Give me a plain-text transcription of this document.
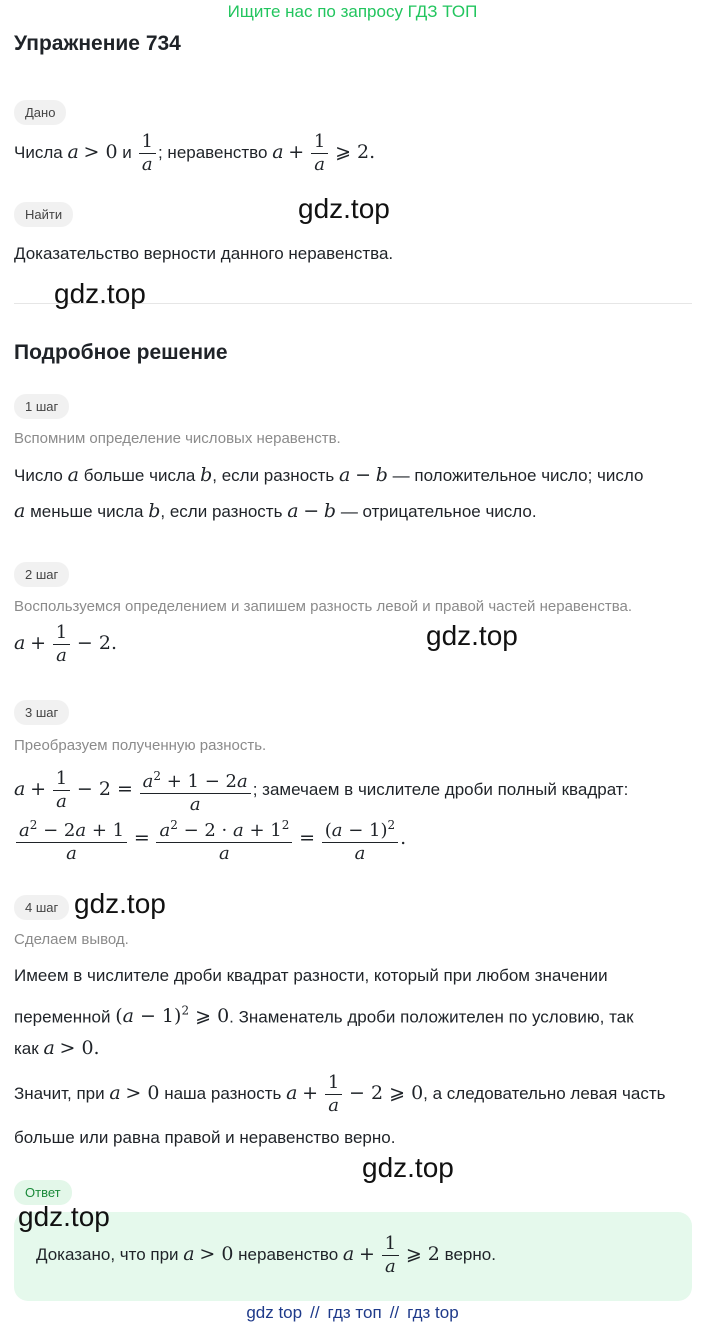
Ищите нас по запросу ГДЗ ТОП
Упражнение 734
Дано
Числа a > 0 и $\frac{1}{a}$ ; неравенство $a + \frac{1}{a}$ ⩾ 2.
Найти
Доказательство верности данного неравенства.
Подробное решение
1 шаг
Вспомним определение числовых неравенств.
Число a больше числа b, если разность a − b — положительное число; число
a меньше числа b, если разность a − b — отрицательное число.
2 шаг
Воспользуемся определением и запишем разность левой и правой частей неравенства.
$a + \frac{1}{a} - 2$.
3 шаг
Преобразуем полученную разность.
$a + \frac{1}{a} - 2 = \frac{a^2 + 1 - 2a}{a}$ ; замечаем в числителе дроби полный квадрат:
$\frac{a^2 - 2a + 1}{a} = \frac{a^2 - 2 \cdot a + 1^2}{a} = \frac{(a - 1)^2}{a}$ .
4 шаг
Сделаем вывод.
Имеем в числителе дроби квадрат разности, который при любом значении
переменной $(a - 1)^2$ ⩾ 0. Знаменатель дроби положителен по условию, так
как a > 0.
Значит, при a > 0 наша разность $a + \frac{1}{a} - 2$ ⩾ 0, а следовательно левая часть
больше или равна правой и неравенство верно.
Ответ
Доказано, что при a > 0 неравенство $a + \frac{1}{a}$ ⩾ 2 верно.
gdz.top
gdz.top
gdz.top
gdz.top
gdz.top
gdz.top
gdz top // гдз топ // гдз top
